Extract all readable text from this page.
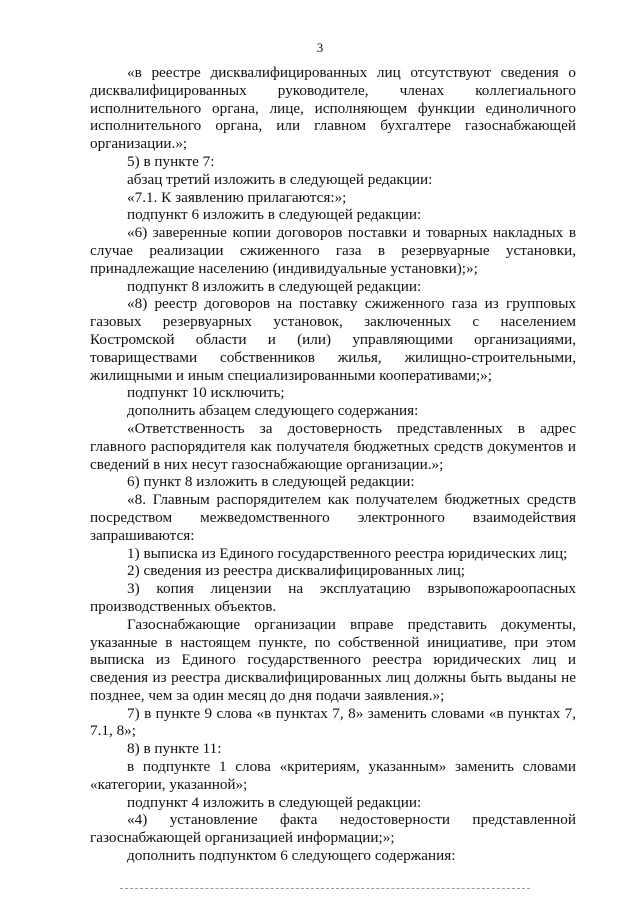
3

«в реестре дисквалифицированных лиц отсутствуют сведения о дисквалифицированных руководителе, членах коллегиального исполнительного органа, лице, исполняющем функции единоличного исполнительного органа, или главном бухгалтере газоснабжающей организации.»;

5) в пункте 7:

абзац третий изложить в следующей редакции:

«7.1. К заявлению прилагаются:»;

подпункт 6 изложить в следующей редакции:

«6) заверенные копии договоров поставки и товарных накладных в случае реализации сжиженного газа в резервуарные установки, принадлежащие населению (индивидуальные установки);»;

подпункт 8 изложить в следующей редакции:

«8) реестр договоров на поставку сжиженного газа из групповых газовых резервуарных установок, заключенных с населением Костромской области и (или) управляющими организациями, товариществами собственников жилья, жилищно-строительными, жилищными и иным специализированными кооперативами;»;

подпункт 10 исключить;

дополнить абзацем следующего содержания:

«Ответственность за достоверность представленных в адрес главного распорядителя как получателя бюджетных средств документов и сведений в них несут газоснабжающие организации.»;

6) пункт 8 изложить в следующей редакции:

«8. Главным распорядителем как получателем бюджетных средств посредством межведомственного электронного взаимодействия запрашиваются:

1) выписка из Единого государственного реестра юридических лиц;

2) сведения из реестра дисквалифицированных лиц;

3) копия лицензии на эксплуатацию взрывопожароопасных производственных объектов.

Газоснабжающие организации вправе представить документы, указанные в настоящем пункте, по собственной инициативе, при этом выписка из Единого государственного реестра юридических лиц и сведения из реестра дисквалифицированных лиц должны быть выданы не позднее, чем за один месяц до дня подачи заявления.»;

7) в пункте 9 слова «в пунктах 7, 8» заменить словами «в пунктах 7, 7.1, 8»;

8) в пункте 11:

в подпункте 1 слова «критериям, указанным» заменить словами «категории, указанной»;

подпункт 4 изложить в следующей редакции:

«4) установление факта недостоверности представленной газоснабжающей организацией информации;»;

дополнить подпунктом 6 следующего содержания:
